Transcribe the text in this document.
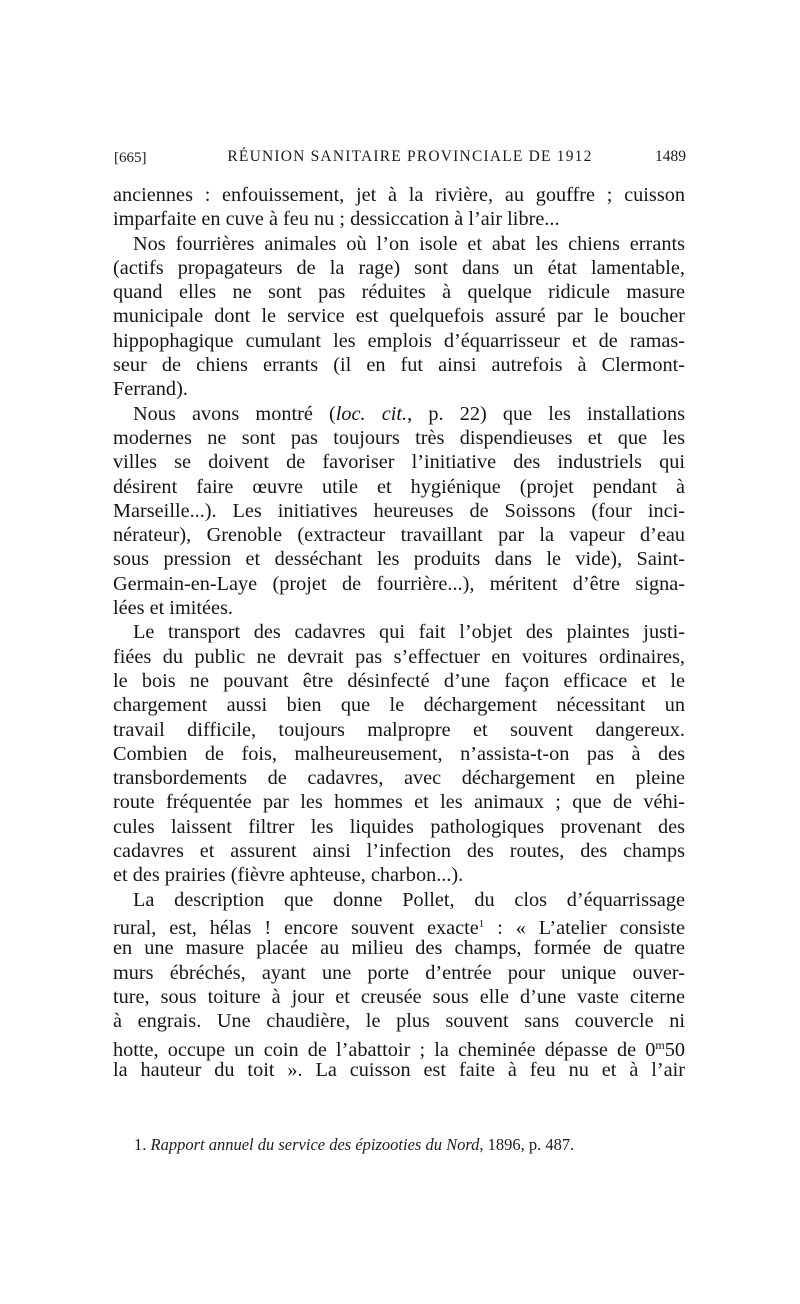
[665]	RÉUNION SANITAIRE PROVINCIALE DE 1912	1489
anciennes : enfouissement, jet à la rivière, au gouffre ; cuisson
imparfaite en cuve à feu nu ; dessiccation à l’air libre...
Nos fourrières animales où l’on isole et abat les chiens errants
(actifs propagateurs de la rage) sont dans un état lamentable,
quand elles ne sont pas réduites à quelque ridicule masure
municipale dont le service est quelquefois assuré par le boucher
hippophagique cumulant les emplois d’équarrisseur et de ramas-
seur de chiens errants (il en fut ainsi autrefois à Clermont-
Ferrand).
Nous avons montré (loc. cit., p. 22) que les installations
modernes ne sont pas toujours très dispendieuses et que les
villes se doivent de favoriser l’initiative des industriels qui
désirent faire œuvre utile et hygiénique (projet pendant à
Marseille...). Les initiatives heureuses de Soissons (four inci-
nérateur), Grenoble (extracteur travaillant par la vapeur d’eau
sous pression et desséchant les produits dans le vide), Saint-
Germain-en-Laye (projet de fourrière...), méritent d’être signa-
lées et imitées.
Le transport des cadavres qui fait l’objet des plaintes justi-
fiées du public ne devrait pas s’effectuer en voitures ordinaires,
le bois ne pouvant être désinfecté d’une façon efficace et le
chargement aussi bien que le déchargement nécessitant un
travail difficile, toujours malpropre et souvent dangereux.
Combien de fois, malheureusement, n’assista-t-on pas à des
transbordements de cadavres, avec déchargement en pleine
route fréquentée par les hommes et les animaux ; que de véhi-
cules laissent filtrer les liquides pathologiques provenant des
cadavres et assurent ainsi l’infection des routes, des champs
et des prairies (fièvre aphteuse, charbon...).
La description que donne Pollet, du clos d’équarrissage
rural, est, hélas ! encore souvent exacte$^1$ : « L’atelier consiste
en une masure placée au milieu des champs, formée de quatre
murs ébréchés, ayant une porte d’entrée pour unique ouver-
ture, sous toiture à jour et creusée sous elle d’une vaste citerne
à engrais. Une chaudière, le plus souvent sans couvercle ni
hotte, occupe un coin de l’abattoir ; la cheminée dépasse de 0$^m$50
la hauteur du toit ». La cuisson est faite à feu nu et à l’air
1. Rapport annuel du service des épizooties du Nord, 1896, p. 487.
